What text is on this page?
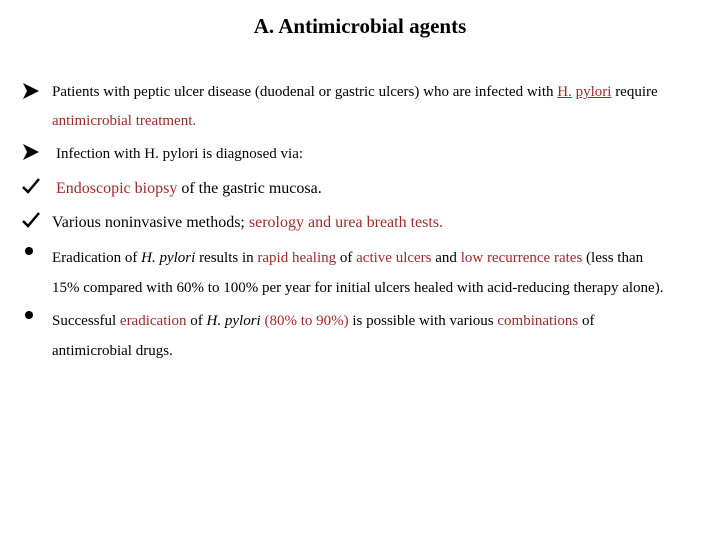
A. Antimicrobial agents
Patients with peptic ulcer disease (duodenal or gastric ulcers) who are infected with H. pylori require
antimicrobial treatment.
Infection with H. pylori is diagnosed via:
Endoscopic biopsy of the gastric mucosa.
Various noninvasive methods; serology and urea breath tests.
Eradication of H. pylori results in rapid healing of active ulcers and low recurrence rates (less than
15% compared with 60% to 100% per year for initial ulcers healed with acid-reducing therapy alone).
Successful eradication of H. pylori (80% to 90%) is possible with various combinations of
antimicrobial drugs.
